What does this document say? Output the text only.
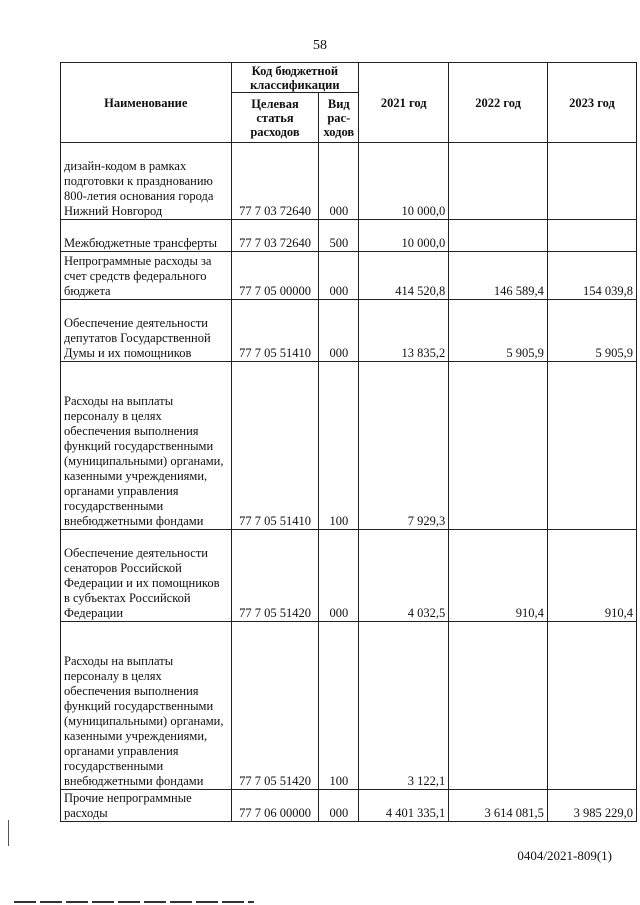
58
Наименование	Код бюджетной классификации		2021 год	2022 год	2023 год
	Целевая статья расходов	Вид рас-ходов			
дизайн-кодом в рамках подготовки к празднованию 800-летия основания города Нижний Новгород	77 7 03 72640	000	10 000,0		
Межбюджетные трансферты	77 7 03 72640	500	10 000,0		
Непрограммные расходы за счет средств федерального бюджета	77 7 05 00000	000	414 520,8	146 589,4	154 039,8
Обеспечение деятельности депутатов Государственной Думы и их помощников	77 7 05 51410	000	13 835,2	5 905,9	5 905,9
Расходы на выплаты персоналу в целях обеспечения выполнения функций государственными (муниципальными) органами, казенными учреждениями, органами управления государственными внебюджетными фондами	77 7 05 51410	100	7 929,3		
Обеспечение деятельности сенаторов Российской Федерации и их помощников в субъектах Российской Федерации	77 7 05 51420	000	4 032,5	910,4	910,4
Расходы на выплаты персоналу в целях обеспечения выполнения функций государственными (муниципальными) органами, казенными учреждениями, органами управления государственными внебюджетными фондами	77 7 05 51420	100	3 122,1		
Прочие непрограммные расходы	77 7 06 00000	000	4 401 335,1	3 614 081,5	3 985 229,0
0404/2021-809(1)
